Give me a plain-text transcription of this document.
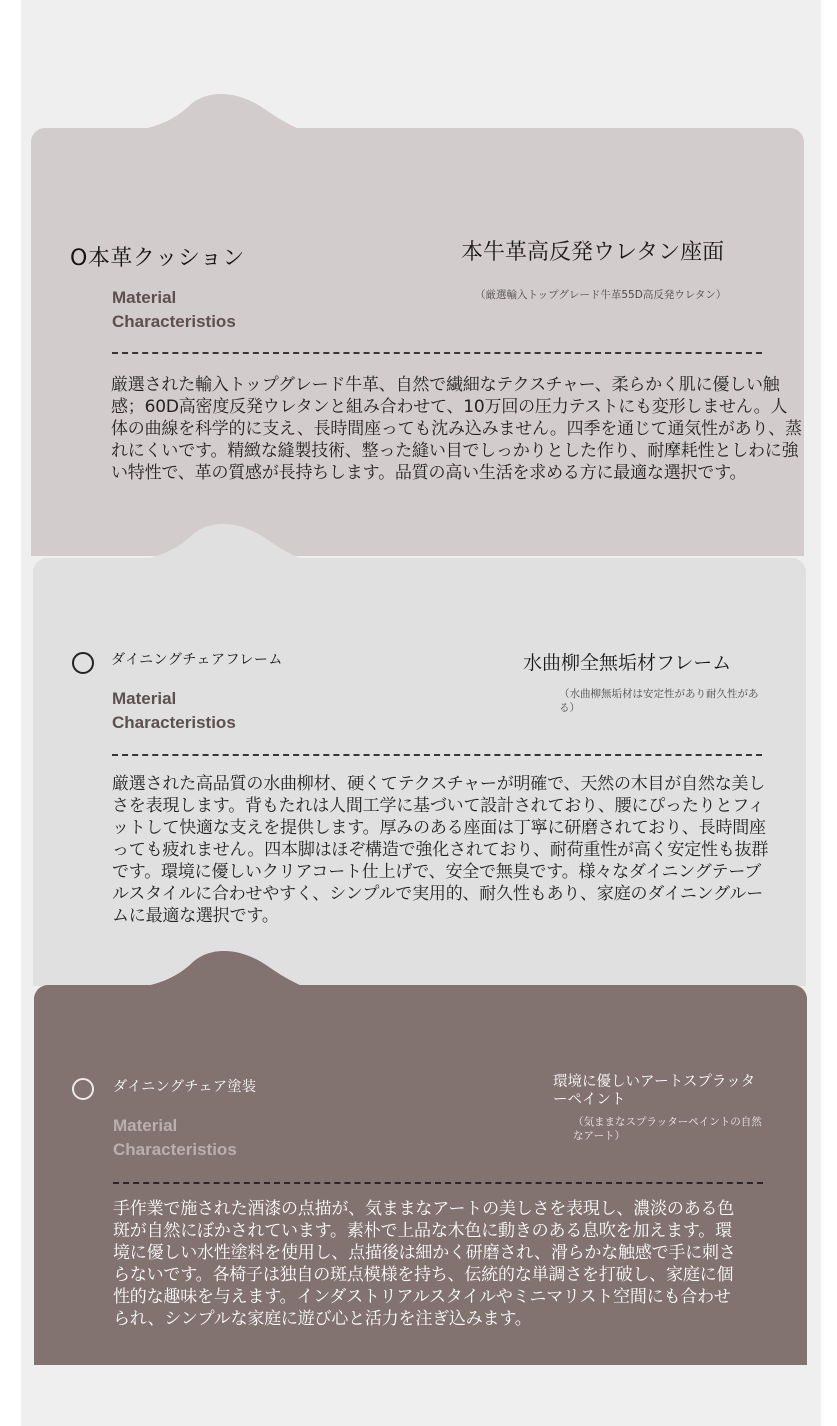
O本革クッション	本牛革高反発ウレタン座面
（厳選輸入トップグレード牛革55D高反発ウレタン）
Material
Characteristios
厳選された輸入トップグレード牛革、自然で繊細なテクスチャー、柔らかく肌に優しい触感；60D高密度反発ウレタンと組み合わせて、10万回の圧力テストにも変形しません。人体の曲線を科学的に支え、長時間座っても沈み込みません。四季を通じて通気性があり、蒸れにくいです。精緻な縫製技術、整った縫い目でしっかりとした作り、耐摩耗性としわに強い特性で、革の質感が長持ちします。品質の高い生活を求める方に最適な選択です。
ダイニングチェアフレーム	水曲柳全無垢材フレーム
（水曲柳無垢材は安定性があり耐久性がある）
Material
Characteristios
厳選された高品質の水曲柳材、硬くてテクスチャーが明確で、天然の木目が自然な美しさを表現します。背もたれは人間工学に基づいて設計されており、腰にぴったりとフィットして快適な支えを提供します。厚みのある座面は丁寧に研磨されており、長時間座っても疲れません。四本脚はほぞ構造で強化されており、耐荷重性が高く安定性も抜群です。環境に優しいクリアコート仕上げで、安全で無臭です。様々なダイニングテーブルスタイルに合わせやすく、シンプルで実用的、耐久性もあり、家庭のダイニングルームに最適な選択です。
ダイニングチェア塗装	環境に優しいアートスプラッターペイント
（気ままなスプラッターペイントの自然なアート）
Material
Characteristios
手作業で施された酒漆の点描が、気ままなアートの美しさを表現し、濃淡のある色斑が自然にぼかされています。素朴で上品な木色に動きのある息吹を加えます。環境に優しい水性塗料を使用し、点描後は細かく研磨され、滑らかな触感で手に刺さらないです。各椅子は独自の斑点模様を持ち、伝統的な単調さを打破し、家庭に個性的な趣味を与えます。インダストリアルスタイルやミニマリスト空間にも合わせられ、シンプルな家庭に遊び心と活力を注ぎ込みます。
